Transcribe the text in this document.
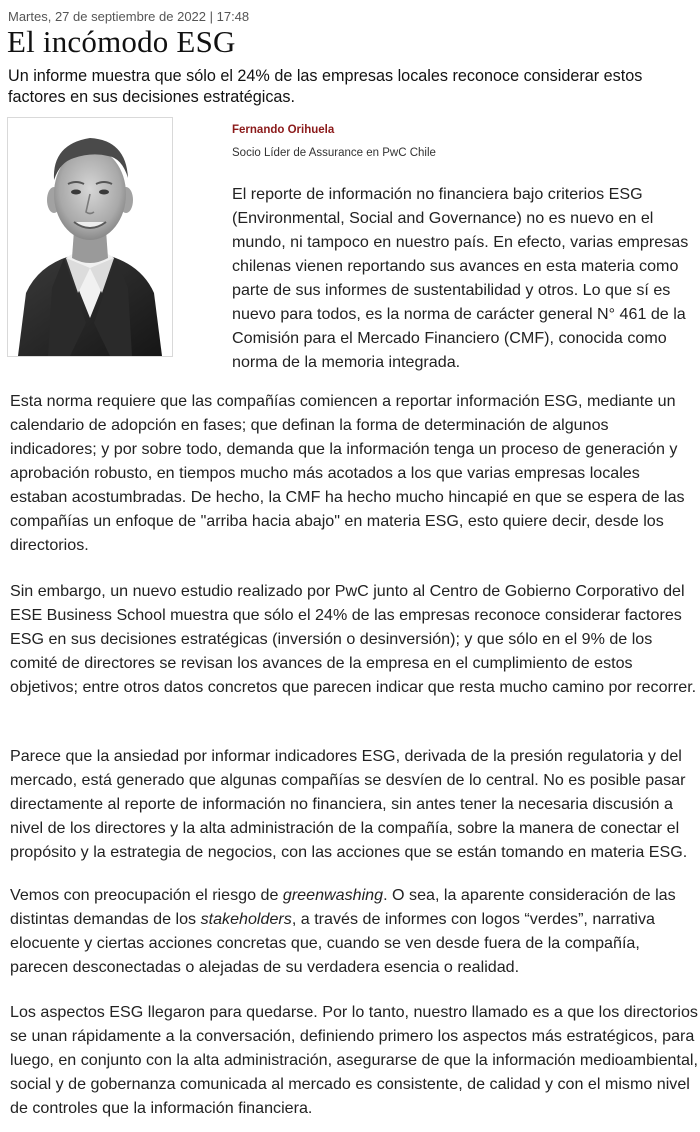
Martes, 27 de septiembre de 2022 | 17:48
El incómodo ESG

Un informe muestra que sólo el 24% de las empresas locales reconoce considerar estos factores en sus decisiones estratégicas.

Fernando Orihuela
Socio Líder de Assurance en PwC Chile

El reporte de información no financiera bajo criterios ESG (Environmental, Social and Governance) no es nuevo en el mundo, ni tampoco en nuestro país. En efecto, varias empresas chilenas vienen reportando sus avances en esta materia como parte de sus informes de sustentabilidad y otros. Lo que sí es nuevo para todos, es la norma de carácter general N° 461 de la Comisión para el Mercado Financiero (CMF), conocida como norma de la memoria integrada.

Esta norma requiere que las compañías comiencen a reportar información ESG, mediante un calendario de adopción en fases; que definan la forma de determinación de algunos indicadores; y por sobre todo, demanda que la información tenga un proceso de generación y aprobación robusto, en tiempos mucho más acotados a los que varias empresas locales estaban acostumbradas. De hecho, la CMF ha hecho mucho hincapié en que se espera de las compañías un enfoque de "arriba hacia abajo" en materia ESG, esto quiere decir, desde los directorios.

Sin embargo, un nuevo estudio realizado por PwC junto al Centro de Gobierno Corporativo del ESE Business School muestra que sólo el 24% de las empresas reconoce considerar factores ESG en sus decisiones estratégicas (inversión o desinversión); y que sólo en el 9% de los comité de directores se revisan los avances de la empresa en el cumplimiento de estos objetivos; entre otros datos concretos que parecen indicar que resta mucho camino por recorrer.

Parece que la ansiedad por informar indicadores ESG, derivada de la presión regulatoria y del mercado, está generado que algunas compañías se desvíen de lo central. No es posible pasar directamente al reporte de información no financiera, sin antes tener la necesaria discusión a nivel de los directores y la alta administración de la compañía, sobre la manera de conectar el propósito y la estrategia de negocios, con las acciones que se están tomando en materia ESG.

Vemos con preocupación el riesgo de greenwashing. O sea, la aparente consideración de las distintas demandas de los stakeholders, a través de informes con logos “verdes”, narrativa elocuente y ciertas acciones concretas que, cuando se ven desde fuera de la compañía, parecen desconectadas o alejadas de su verdadera esencia o realidad.

Los aspectos ESG llegaron para quedarse. Por lo tanto, nuestro llamado es a que los directorios se unan rápidamente a la conversación, definiendo primero los aspectos más estratégicos, para luego, en conjunto con la alta administración, asegurarse de que la información medioambiental, social y de gobernanza comunicada al mercado es consistente, de calidad y con el mismo nivel de controles que la información financiera.
